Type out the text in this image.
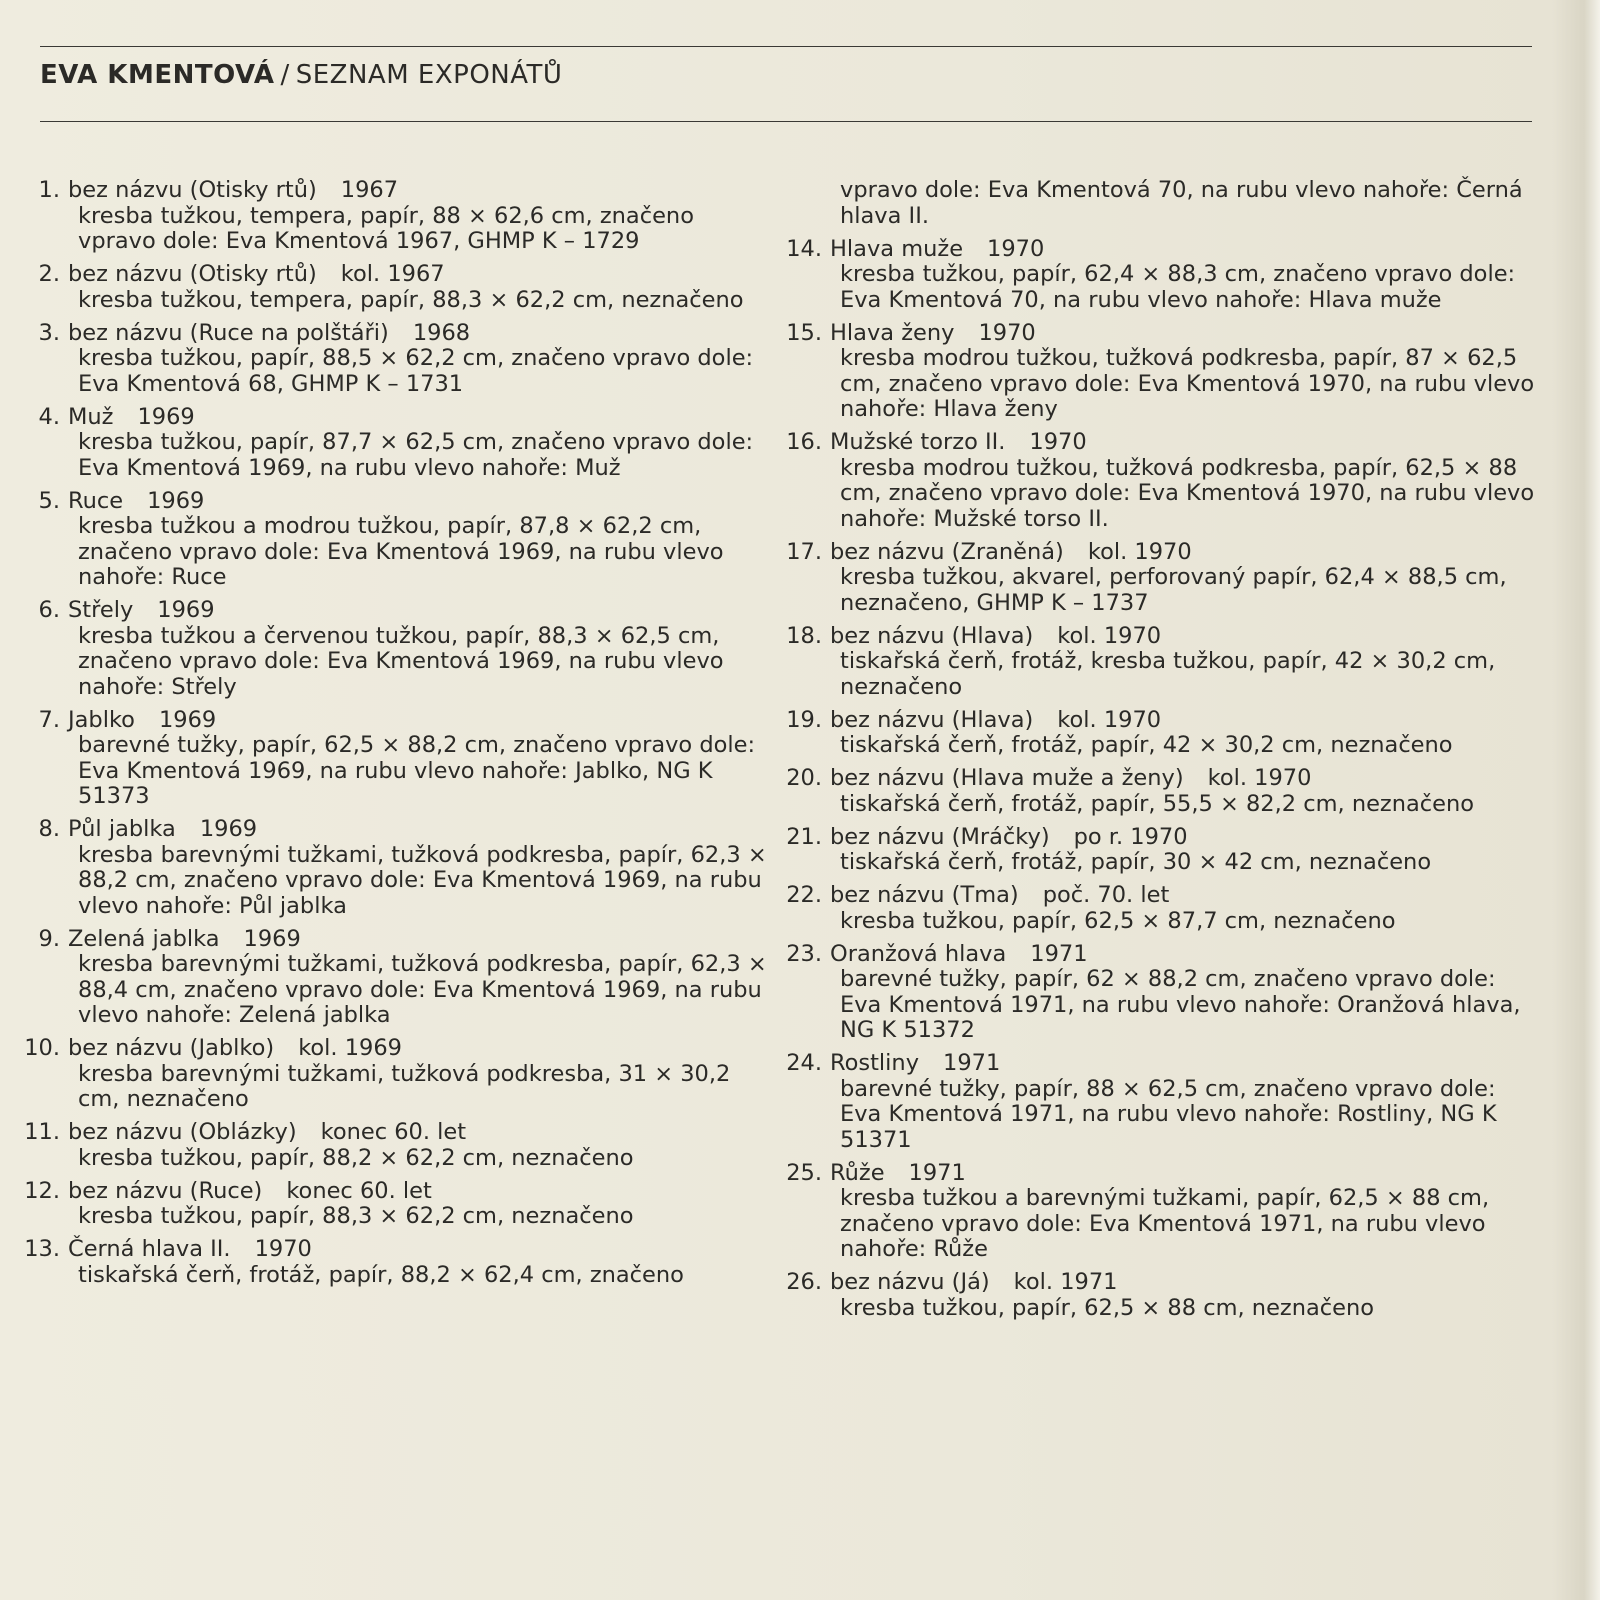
EVA KMENTOVÁ / SEZNAM EXPONÁTŮ
1. bez názvu (Otisky rtů) 1967
kresba tužkou, tempera, papír, 88 × 62,6 cm, značeno vpravo dole: Eva Kmentová 1967, GHMP K – 1729
2. bez názvu (Otisky rtů) kol. 1967
kresba tužkou, tempera, papír, 88,3 × 62,2 cm, neznačeno
3. bez názvu (Ruce na polštáři) 1968
kresba tužkou, papír, 88,5 × 62,2 cm, značeno vpravo dole: Eva Kmentová 68, GHMP K – 1731
4. Muž 1969
kresba tužkou, papír, 87,7 × 62,5 cm, značeno vpravo dole: Eva Kmentová 1969, na rubu vlevo nahoře: Muž
5. Ruce 1969
kresba tužkou a modrou tužkou, papír, 87,8 × 62,2 cm, značeno vpravo dole: Eva Kmentová 1969, na rubu vlevo nahoře: Ruce
6. Střely 1969
kresba tužkou a červenou tužkou, papír, 88,3 × 62,5 cm, značeno vpravo dole: Eva Kmentová 1969, na rubu vlevo nahoře: Střely
7. Jablko 1969
barevné tužky, papír, 62,5 × 88,2 cm, značeno vpravo dole: Eva Kmentová 1969, na rubu vlevo nahoře: Jablko, NG K 51373
8. Půl jablka 1969
kresba barevnými tužkami, tužková podkresba, papír, 62,3 × 88,2 cm, značeno vpravo dole: Eva Kmentová 1969, na rubu vlevo nahoře: Půl jablka
9. Zelená jablka 1969
kresba barevnými tužkami, tužková podkresba, papír, 62,3 × 88,4 cm, značeno vpravo dole: Eva Kmentová 1969, na rubu vlevo nahoře: Zelená jablka
10. bez názvu (Jablko) kol. 1969
kresba barevnými tužkami, tužková podkresba, 31 × 30,2 cm, neznačeno
11. bez názvu (Oblázky) konec 60. let
kresba tužkou, papír, 88,2 × 62,2 cm, neznačeno
12. bez názvu (Ruce) konec 60. let
kresba tužkou, papír, 88,3 × 62,2 cm, neznačeno
13. Černá hlava II. 1970
tiskařská čerň, frotáž, papír, 88,2 × 62,4 cm, značeno
vpravo dole: Eva Kmentová 70, na rubu vlevo nahoře: Černá hlava II.
14. Hlava muže 1970
kresba tužkou, papír, 62,4 × 88,3 cm, značeno vpravo dole: Eva Kmentová 70, na rubu vlevo nahoře: Hlava muže
15. Hlava ženy 1970
kresba modrou tužkou, tužková podkresba, papír, 87 × 62,5 cm, značeno vpravo dole: Eva Kmentová 1970, na rubu vlevo nahoře: Hlava ženy
16. Mužské torzo II. 1970
kresba modrou tužkou, tužková podkresba, papír, 62,5 × 88 cm, značeno vpravo dole: Eva Kmentová 1970, na rubu vlevo nahoře: Mužské torso II.
17. bez názvu (Zraněná) kol. 1970
kresba tužkou, akvarel, perforovaný papír, 62,4 × 88,5 cm, neznačeno, GHMP K – 1737
18. bez názvu (Hlava) kol. 1970
tiskařská čerň, frotáž, kresba tužkou, papír, 42 × 30,2 cm, neznačeno
19. bez názvu (Hlava) kol. 1970
tiskařská čerň, frotáž, papír, 42 × 30,2 cm, neznačeno
20. bez názvu (Hlava muže a ženy) kol. 1970
tiskařská čerň, frotáž, papír, 55,5 × 82,2 cm, neznačeno
21. bez názvu (Mráčky) po r. 1970
tiskařská čerň, frotáž, papír, 30 × 42 cm, neznačeno
22. bez názvu (Tma) poč. 70. let
kresba tužkou, papír, 62,5 × 87,7 cm, neznačeno
23. Oranžová hlava 1971
barevné tužky, papír, 62 × 88,2 cm, značeno vpravo dole: Eva Kmentová 1971, na rubu vlevo nahoře: Oranžová hlava, NG K 51372
24. Rostliny 1971
barevné tužky, papír, 88 × 62,5 cm, značeno vpravo dole: Eva Kmentová 1971, na rubu vlevo nahoře: Rostliny, NG K 51371
25. Růže 1971
kresba tužkou a barevnými tužkami, papír, 62,5 × 88 cm, značeno vpravo dole: Eva Kmentová 1971, na rubu vlevo nahoře: Růže
26. bez názvu (Já) kol. 1971
kresba tužkou, papír, 62,5 × 88 cm, neznačeno
